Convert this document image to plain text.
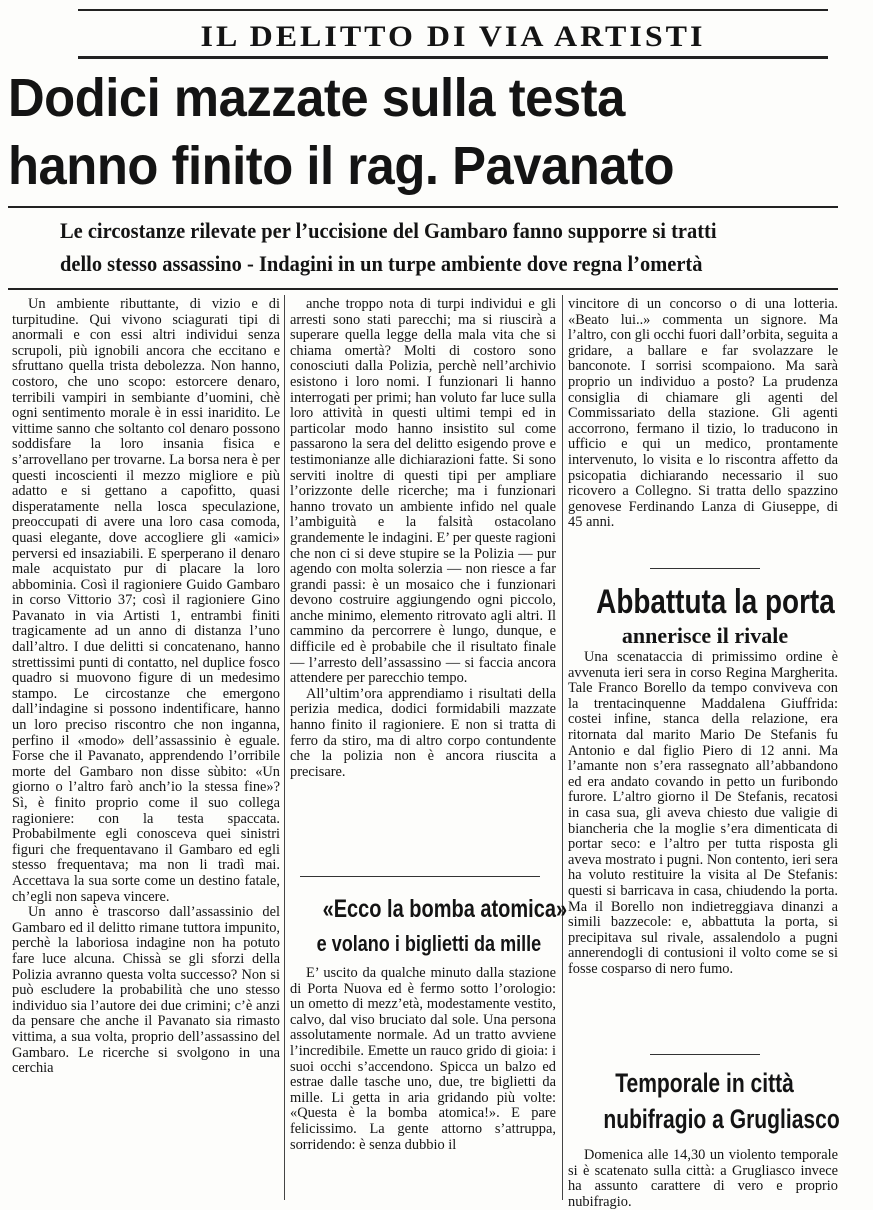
IL DELITTO DI VIA ARTISTI
Dodici mazzate sulla testa
hanno finito il rag. Pavanato
Le circostanze rilevate per l’uccisione del Gambaro fanno supporre si tratti
dello stesso assassino - Indagini in un turpe ambiente dove regna l’omertà

Un ambiente ributtante, di vizio e di turpitudine. Qui vivono sciagurati tipi di anormali e con essi altri individui senza scrupoli, più ignobili ancora che eccitano e sfruttano quella trista debolezza. Non hanno, costoro, che uno scopo: estorcere denaro, terribili vampiri in sembiante d’uomini, chè ogni sentimento morale è in essi inaridito. Le vittime sanno che soltanto col denaro possono soddisfare la loro insania fisica e s’arrovellano per trovarne. La borsa nera è per questi incoscienti il mezzo migliore e più adatto e si gettano a capofitto, quasi disperatamente nella losca speculazione, preoccupati di avere una loro casa comoda, quasi elegante, dove accogliere gli «amici» perversi ed insaziabili. E sperperano il denaro male acquistato pur di placare la loro abbominia. Così il ragioniere Guido Gambaro in corso Vittorio 37; così il ragioniere Gino Pavanato in via Artisti 1, entrambi finiti tragicamente ad un anno di distanza l’uno dall’altro. I due delitti si concatenano, hanno strettissimi punti di contatto, nel duplice fosco quadro si muovono figure di un medesimo stampo. Le circostanze che emergono dall’indagine si possono indentificare, hanno un loro preciso riscontro che non inganna, perfino il «modo» dell’assassinio è eguale. Forse che il Pavanato, apprendendo l’orribile morte del Gambaro non disse sùbito: «Un giorno o l’altro farò anch’io la stessa fine»? Sì, è finito proprio come il suo collega ragioniere: con la testa spaccata. Probabilmente egli conosceva quei sinistri figuri che frequentavano il Gambaro ed egli stesso frequentava; ma non li tradì mai. Accettava la sua sorte come un destino fatale, ch’egli non sapeva vincere.

Un anno è trascorso dall’assassinio del Gambaro ed il delitto rimane tuttora impunito, perchè la laboriosa indagine non ha potuto fare luce alcuna. Chissà se gli sforzi della Polizia avranno questa volta successo? Non si può escludere la probabilità che uno stesso individuo sia l’autore dei due crimini; c’è anzi da pensare che anche il Pavanato sia rimasto vittima, a sua volta, proprio dell’assassino del Gambaro. Le ricerche si svolgono in una cerchia

anche troppo nota di turpi individui e gli arresti sono stati parecchi; ma si riuscirà a superare quella legge della mala vita che si chiama omertà? Molti di costoro sono conosciuti dalla Polizia, perchè nell’archivio esistono i loro nomi. I funzionari li hanno interrogati per primi; han voluto far luce sulla loro attività in questi ultimi tempi ed in particolar modo hanno insistito sul come passarono la sera del delitto esigendo prove e testimonianze alle dichiarazioni fatte. Si sono serviti inoltre di questi tipi per ampliare l’orizzonte delle ricerche; ma i funzionari hanno trovato un ambiente infido nel quale l’ambiguità e la falsità ostacolano grandemente le indagini. E’ per queste ragioni che non ci si deve stupire se la Polizia — pur agendo con molta solerzia — non riesce a far grandi passi: è un mosaico che i funzionari devono costruire aggiungendo ogni piccolo, anche minimo, elemento ritrovato agli altri. Il cammino da percorrere è lungo, dunque, e difficile ed è probabile che il risultato finale — l’arresto dell’assassino — si faccia ancora attendere per parecchio tempo.

All’ultim’ora apprendiamo i risultati della perizia medica, dodici formidabili mazzate hanno finito il ragioniere. E non si tratta di ferro da stiro, ma di altro corpo contundente che la polizia non è ancora riuscita a precisare.

«Ecco la bomba atomica»
e volano i biglietti da mille

E’ uscito da qualche minuto dalla stazione di Porta Nuova ed è fermo sotto l’orologio: un ometto di mezz’età, modestamente vestito, calvo, dal viso bruciato dal sole. Una persona assolutamente normale. Ad un tratto avviene l’incredibile. Emette un rauco grido di gioia: i suoi occhi s’accendono. Spicca un balzo ed estrae dalle tasche uno, due, tre biglietti da mille. Li getta in aria gridando più volte: «Questa è la bomba atomica!». E pare felicissimo. La gente attorno s’attruppa, sorridendo: è senza dubbio il

vincitore di un concorso o di una lotteria. «Beato lui..» commenta un signore. Ma l’altro, con gli occhi fuori dall’orbita, seguita a gridare, a ballare e far svolazzare le banconote. I sorrisi scompaiono. Ma sarà proprio un individuo a posto? La prudenza consiglia di chiamare gli agenti del Commissariato della stazione. Gli agenti accorrono, fermano il tizio, lo traducono in ufficio e qui un medico, prontamente intervenuto, lo visita e lo riscontra affetto da psicopatia dichiarando necessario il suo ricovero a Collegno. Si tratta dello spazzino genovese Ferdinando Lanza di Giuseppe, di 45 anni.

Abbattuta la porta
annerisce il rivale

Una scenataccia di primissimo ordine è avvenuta ieri sera in corso Regina Margherita. Tale Franco Borello da tempo conviveva con la trentacinquenne Maddalena Giuffrida: costei infine, stanca della relazione, era ritornata dal marito Mario De Stefanis fu Antonio e dal figlio Piero di 12 anni. Ma l’amante non s’era rassegnato all’abbandono ed era andato covando in petto un furibondo furore. L’altro giorno il De Stefanis, recatosi in casa sua, gli aveva chiesto due valigie di biancheria che la moglie s’era dimenticata di portar seco: e l’altro per tutta risposta gli aveva mostrato i pugni. Non contento, ieri sera ha voluto restituire la visita al De Stefanis: questi si barricava in casa, chiudendo la porta. Ma il Borello non indietreggiava dinanzi a simili bazzecole: e, abbattuta la porta, si precipitava sul rivale, assalendolo a pugni annerendogli di contusioni il volto come se si fosse cosparso di nero fumo.

Temporale in città
nubifragio a Grugliasco

Domenica alle 14,30 un violento temporale si è scatenato sulla città: a Grugliasco invece ha assunto carattere di vero e proprio nubifragio.
